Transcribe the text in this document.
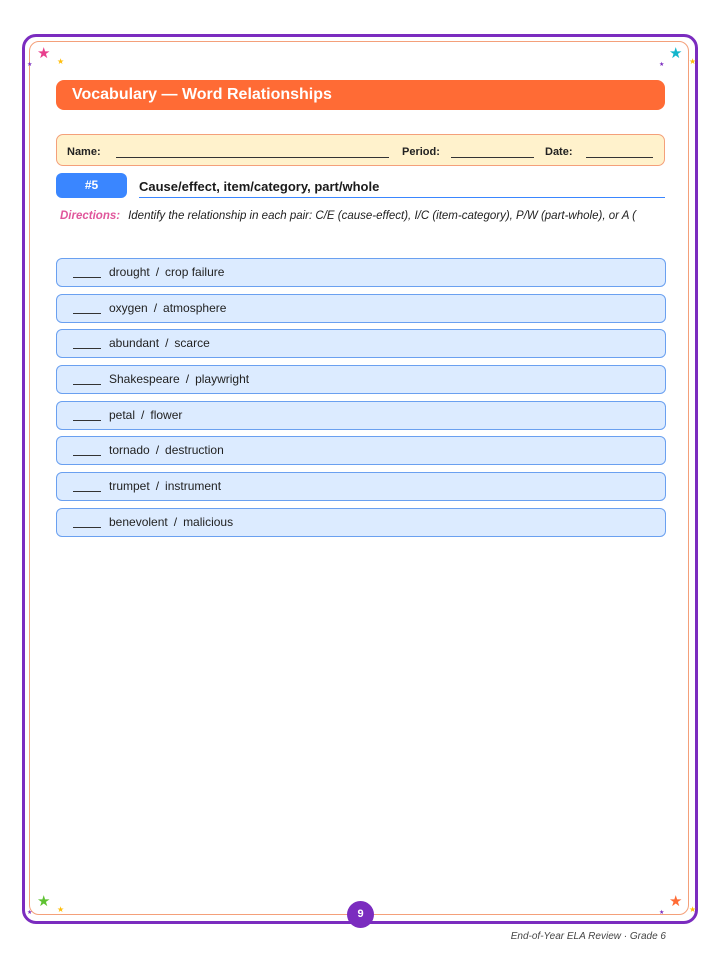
★ ★
★
★ ★
★
★ ★
★
★ ★
★
Vocabulary — Word Relationships
Name:	Period:	Date:
#5	Cause/effect, item/category, part/whole
Directions: Identify the relationship in each pair: C/E (cause-effect), I/C (item-category), P/W (part-whole), or A (
drought / crop failure
oxygen / atmosphere
abundant / scarce
Shakespeare / playwright
petal / flower
tornado / destruction
trumpet / instrument
benevolent / malicious
9
End-of-Year ELA Review · Grade 6
